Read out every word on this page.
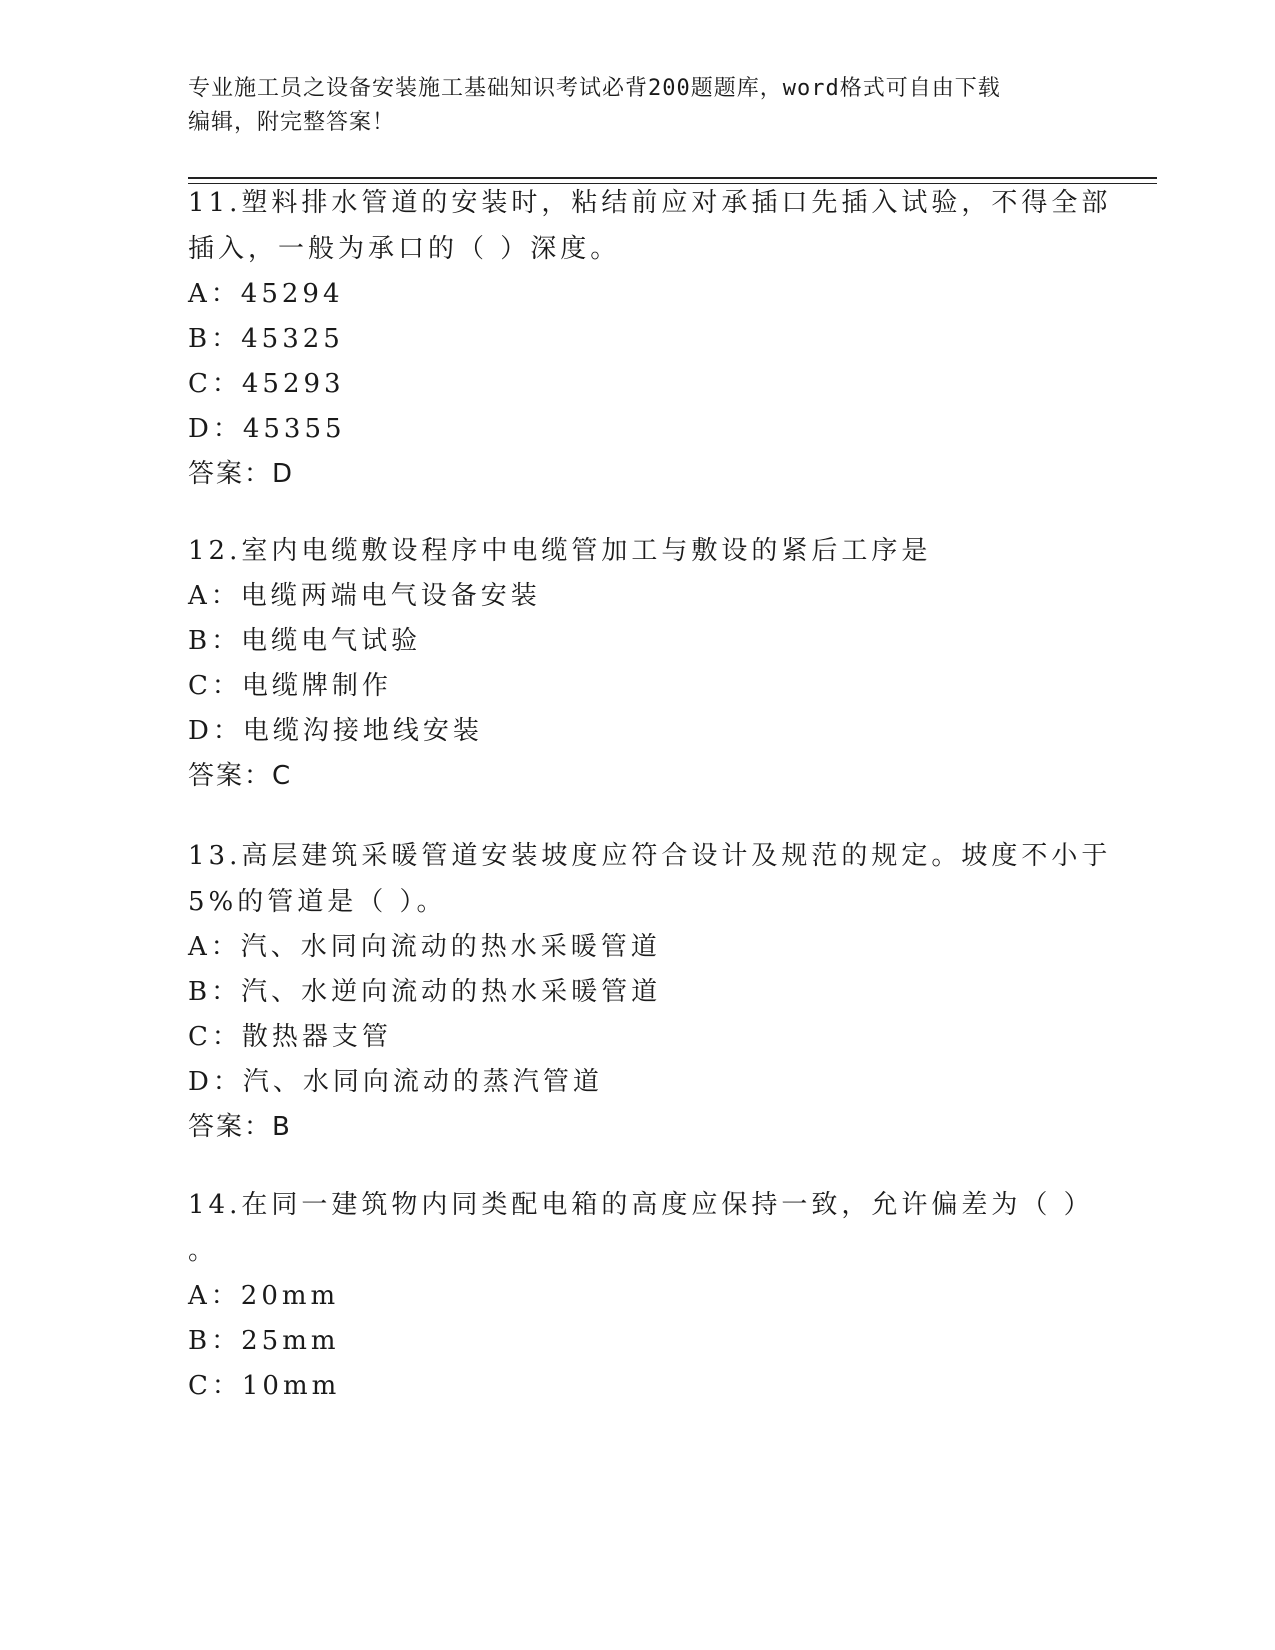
专业施工员之设备安装施工基础知识考试必背200题题库，word格式可自由下载
编辑，附完整答案！
11.塑料排水管道的安装时，粘结前应对承插口先插入试验，不得全部
插入，一般为承口的（ ）深度。
A：45294
B：45325
C：45293
D：45355
答案：D
12.室内电缆敷设程序中电缆管加工与敷设的紧后工序是
A：电缆两端电气设备安装
B：电缆电气试验
C：电缆牌制作
D：电缆沟接地线安装
答案：C
13.高层建筑采暖管道安装坡度应符合设计及规范的规定。坡度不小于
5%的管道是（ ）。
A：汽、水同向流动的热水采暖管道
B：汽、水逆向流动的热水采暖管道
C：散热器支管
D：汽、水同向流动的蒸汽管道
答案：B
14.在同一建筑物内同类配电箱的高度应保持一致，允许偏差为（ ）
。
A：20mm
B：25mm
C：10mm
